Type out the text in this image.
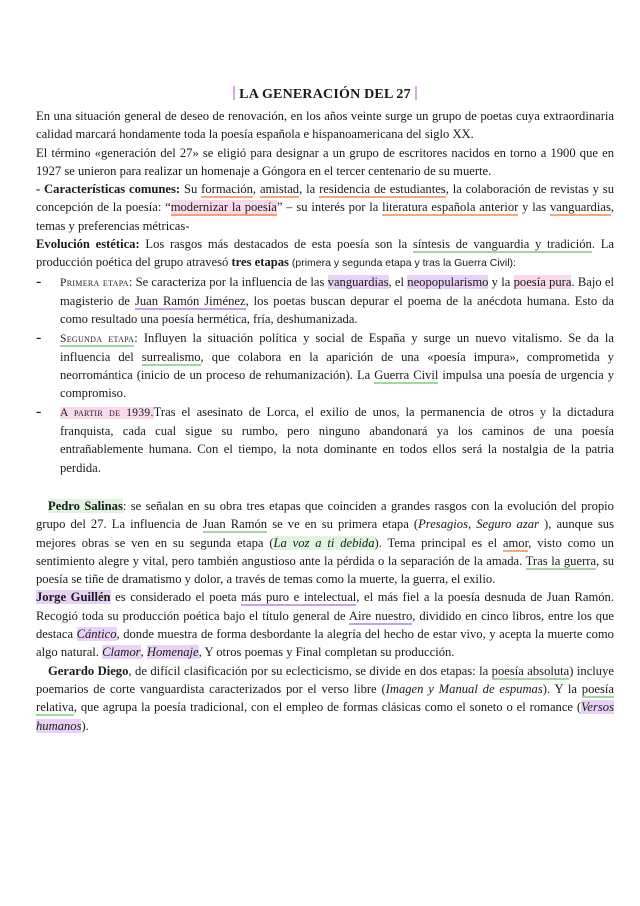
LA GENERACIÓN DEL 27

En una situación general de deseo de renovación, en los años veinte surge un grupo de poetas cuya extraordinaria calidad marcará hondamente toda la poesía española e hispanoamericana del siglo XX.

El término «generación del 27» se eligió para designar a un grupo de escritores nacidos en torno a 1900 que en 1927 se unieron para realizar un homenaje a Góngora en el tercer centenario de su muerte.

- Características comunes: Su formación, amistad, la residencia de estudiantes, la colaboración de revistas y su concepción de la poesía: “modernizar la poesía” – su interés por la literatura española anterior y las vanguardias, temas y preferencias métricas-

Evolución estética: Los rasgos más destacados de esta poesía son la síntesis de vanguardia y tradición. La producción poética del grupo atravesó tres etapas (primera y segunda etapa y tras la Guerra Civil):

-	Primera etapa: Se caracteriza por la influencia de las vanguardias, el neopopularismo y la poesía pura. Bajo el magisterio de Juan Ramón Jiménez, los poetas buscan depurar el poema de la anécdota humana. Esto da como resultado una poesía hermética, fría, deshumanizada.

-	Segunda etapa: Influyen la situación política y social de España y surge un nuevo vitalismo. Se da la influencia del surrealismo, que colabora en la aparición de una «poesía impura», comprometida y neorromántica (inicio de un proceso de rehumanización). La Guerra Civil impulsa una poesía de urgencia y compromiso.

-	A partir de 1939.Tras el asesinato de Lorca, el exilio de unos, la permanencia de otros y la dictadura franquista, cada cual sigue su rumbo, pero ninguno abandonará ya los caminos de una poesía entrañablemente humana. Con el tiempo, la nota dominante en todos ellos será la nostalgia de la patria perdida.

Pedro Salinas: se señalan en su obra tres etapas que coinciden a grandes rasgos con la evolución del propio grupo del 27. La influencia de Juan Ramón se ve en su primera etapa (Presagios, Seguro azar ), aunque sus mejores obras se ven en su segunda etapa (La voz a ti debida). Tema principal es el amor, visto como un sentimiento alegre y vital, pero también angustioso ante la pérdida o la separación de la amada. Tras la guerra, su poesía se tiñe de dramatismo y dolor, a través de temas como la muerte, la guerra, el exilio.

Jorge Guillén es considerado el poeta más puro e intelectual, el más fiel a la poesía desnuda de Juan Ramón. Recogió toda su producción poética bajo el título general de Aire nuestro, dividido en cinco libros, entre los que destaca Cántico, donde muestra de forma desbordante la alegría del hecho de estar vivo, y acepta la muerte como algo natural. Clamor, Homenaje, Y otros poemas y Final completan su producción.

Gerardo Diego, de difícil clasificación por su eclecticismo, se divide en dos etapas: la poesía absoluta) incluye poemarios de corte vanguardista caracterizados por el verso libre (Imagen y Manual de espumas). Y la poesía relativa, que agrupa la poesía tradicional, con el empleo de formas clásicas como el soneto o el romance (Versos humanos).
